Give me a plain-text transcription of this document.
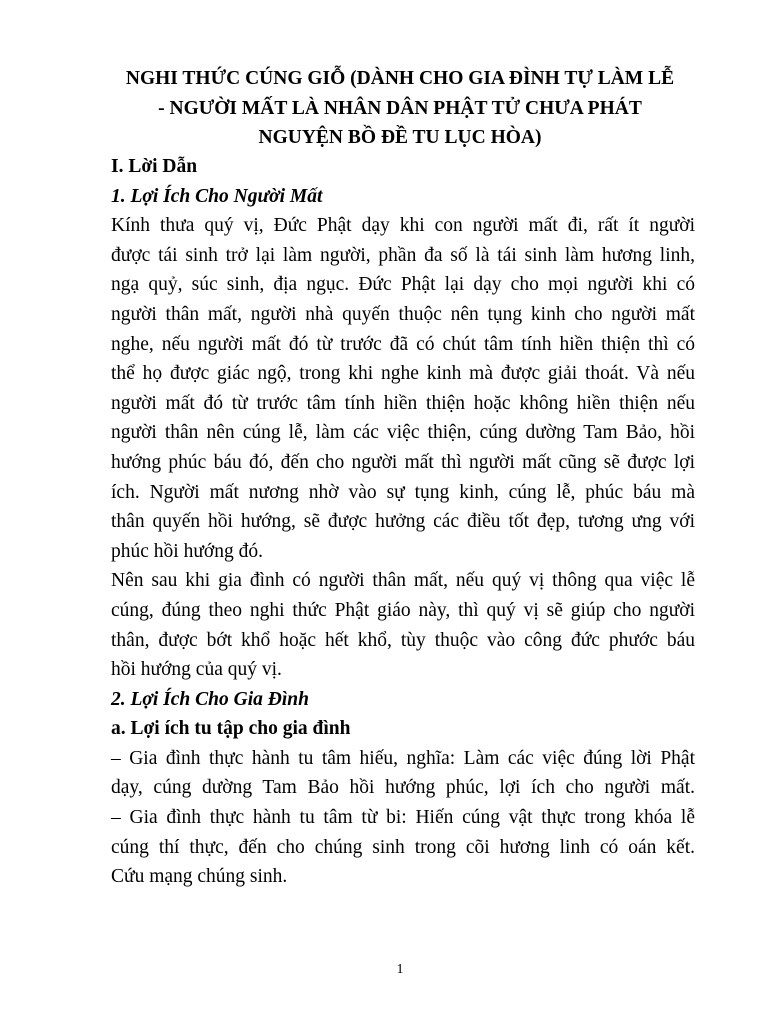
NGHI THỨC CÚNG GIỖ (DÀNH CHO GIA ĐÌNH TỰ LÀM LỄ
- NGƯỜI MẤT LÀ NHÂN DÂN PHẬT TỬ CHƯA PHÁT
NGUYỆN BỒ ĐỀ TU LỤC HÒA)
I. Lời Dẫn
1. Lợi Ích Cho Người Mất
Kính thưa quý vị, Đức Phật dạy khi con người mất đi, rất ít người
được tái sinh trở lại làm người, phần đa số là tái sinh làm hương linh,
ngạ quỷ, súc sinh, địa ngục. Đức Phật lại dạy cho mọi người khi có
người thân mất, người nhà quyến thuộc nên tụng kinh cho người mất
nghe, nếu người mất đó từ trước đã có chút tâm tính hiền thiện thì có
thể họ được giác ngộ, trong khi nghe kinh mà được giải thoát. Và nếu
người mất đó từ trước tâm tính hiền thiện hoặc không hiền thiện nếu
người thân nên cúng lễ, làm các việc thiện, cúng dường Tam Bảo, hồi
hướng phúc báu đó, đến cho người mất thì người mất cũng sẽ được lợi
ích. Người mất nương nhờ vào sự tụng kinh, cúng lễ, phúc báu mà
thân quyến hồi hướng, sẽ được hưởng các điều tốt đẹp, tương ưng với
phúc hồi hướng đó.
Nên sau khi gia đình có người thân mất, nếu quý vị thông qua việc lễ
cúng, đúng theo nghi thức Phật giáo này, thì quý vị sẽ giúp cho người
thân, được bớt khổ hoặc hết khổ, tùy thuộc vào công đức phước báu
hồi hướng của quý vị.
2. Lợi Ích Cho Gia Đình
a. Lợi ích tu tập cho gia đình
– Gia đình thực hành tu tâm hiếu, nghĩa: Làm các việc đúng lời Phật
dạy, cúng dường Tam Bảo hồi hướng phúc, lợi ích cho người mất.
– Gia đình thực hành tu tâm từ bi: Hiến cúng vật thực trong khóa lễ
cúng thí thực, đến cho chúng sinh trong cõi hương linh có oán kết.
Cứu mạng chúng sinh.
1
